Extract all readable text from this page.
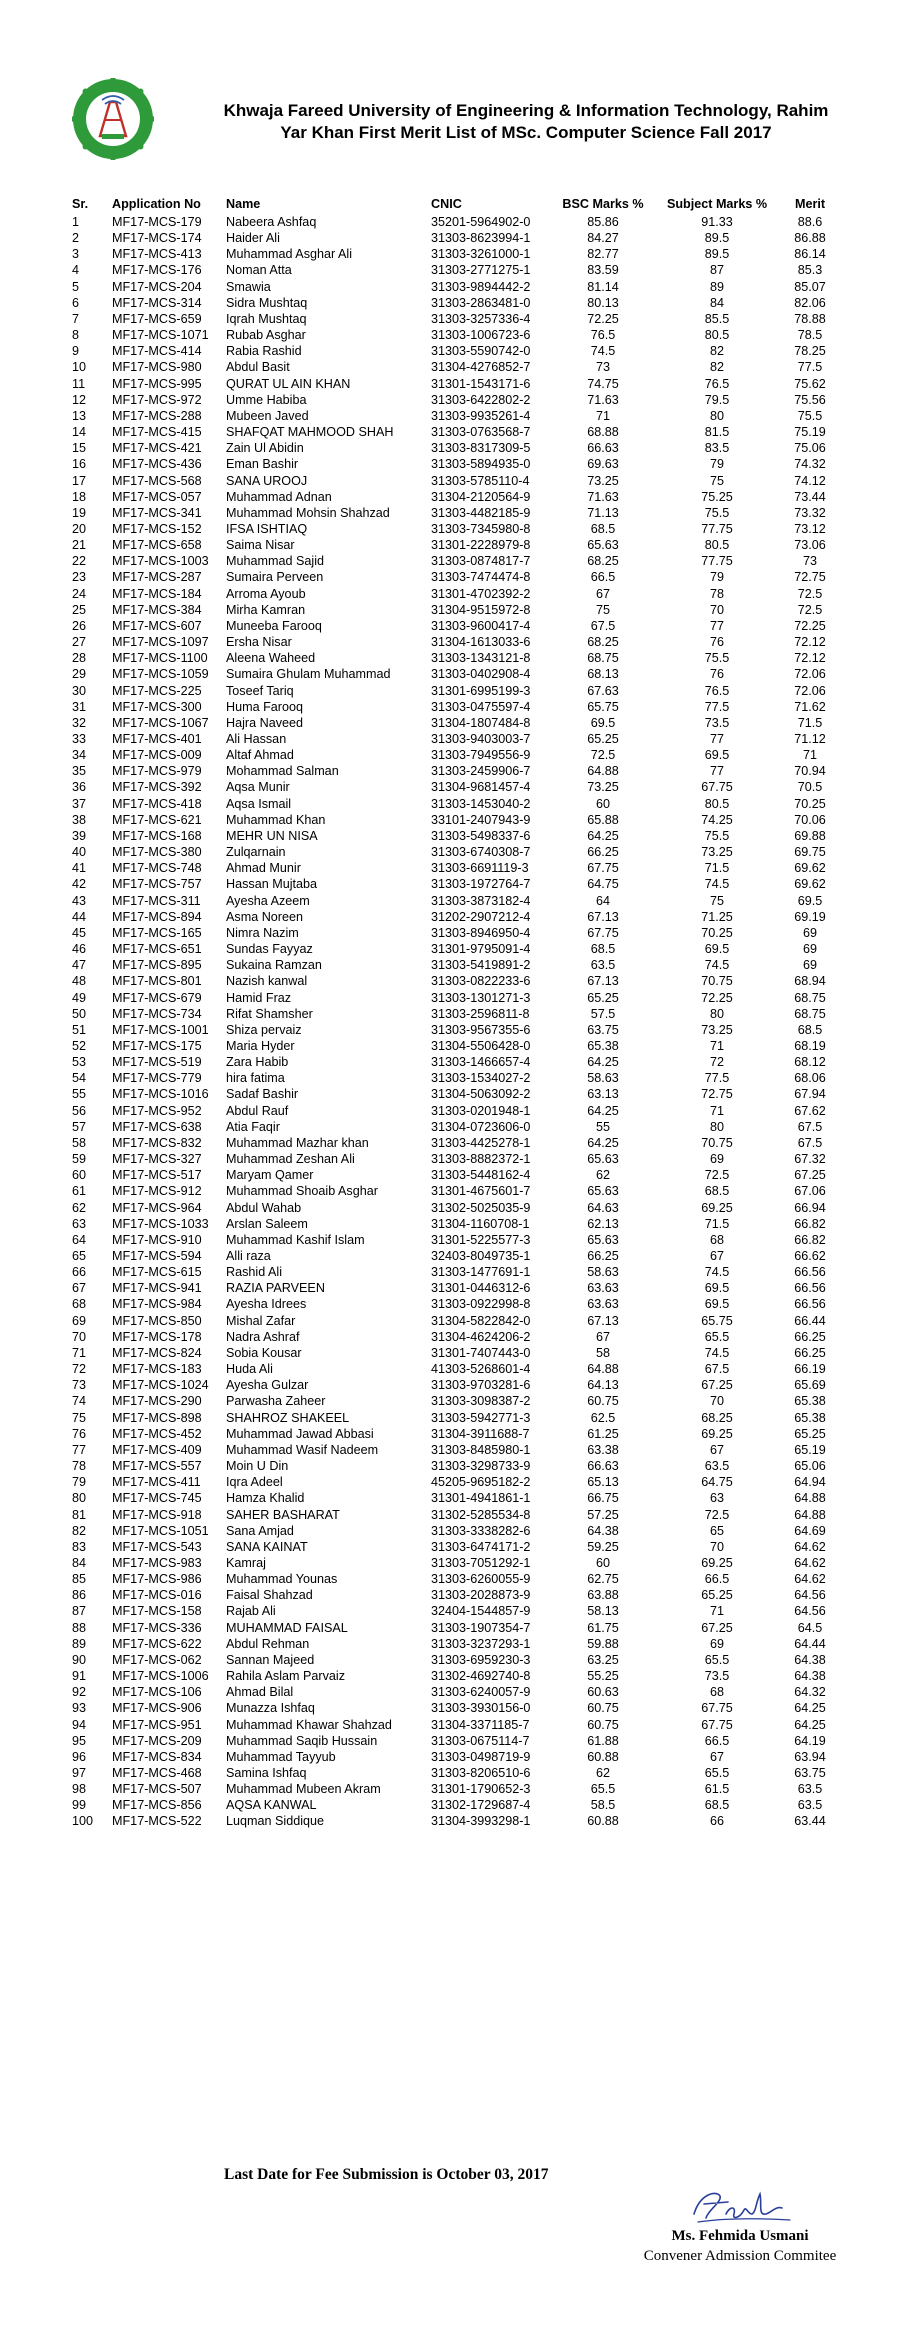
Khwaja Fareed University of Engineering & Information Technology, Rahim
Yar Khan First Merit List of MSc. Computer Science Fall 2017
Sr. Application No Name	CNIC	BSC Marks %	Subject Marks %	Merit
1	MF17-MCS-179 Nabeera Ashfaq	35201-5964902-0	85.86	91.33	88.6
2	MF17-MCS-174 Haider Ali	31303-8623994-1	84.27	89.5	86.88
3	MF17-MCS-413 Muhammad Asghar Ali	31303-3261000-1	82.77	89.5	86.14
4	MF17-MCS-176 Noman Atta	31303-2771275-1	83.59	87	85.3
5	MF17-MCS-204 Smawia	31303-9894442-2	81.14	89	85.07
6	MF17-MCS-314 Sidra Mushtaq	31303-2863481-0	80.13	84	82.06
7	MF17-MCS-659 Iqrah Mushtaq	31303-3257336-4	72.25	85.5	78.88
8	MF17-MCS-1071 Rubab Asghar	31303-1006723-6	76.5	80.5	78.5
9	MF17-MCS-414 Rabia Rashid	31303-5590742-0	74.5	82	78.25
10 MF17-MCS-980 Abdul Basit	31304-4276852-7	73	82	77.5
11 MF17-MCS-995 QURAT UL AIN KHAN	31301-1543171-6	74.75	76.5	75.62
12 MF17-MCS-972 Umme Habiba	31303-6422802-2	71.63	79.5	75.56
13 MF17-MCS-288 Mubeen Javed	31303-9935261-4	71	80	75.5
14 MF17-MCS-415 SHAFQAT MAHMOOD SHAH	31303-0763568-7	68.88	81.5	75.19
15 MF17-MCS-421 Zain Ul Abidin	31303-8317309-5	66.63	83.5	75.06
16 MF17-MCS-436 Eman Bashir	31303-5894935-0	69.63	79	74.32
17 MF17-MCS-568 SANA UROOJ	31303-5785110-4	73.25	75	74.12
18 MF17-MCS-057 Muhammad Adnan	31304-2120564-9	71.63	75.25	73.44
19 MF17-MCS-341 Muhammad Mohsin Shahzad	31303-4482185-9	71.13	75.5	73.32
20 MF17-MCS-152 IFSA ISHTIAQ	31303-7345980-8	68.5	77.75	73.12
21 MF17-MCS-658 Saima Nisar	31301-2228979-8	65.63	80.5	73.06
22 MF17-MCS-1003 Muhammad Sajid	31303-0874817-7	68.25	77.75	73
23 MF17-MCS-287 Sumaira Perveen	31303-7474474-8	66.5	79	72.75
24 MF17-MCS-184 Arroma Ayoub	31301-4702392-2	67	78	72.5
25 MF17-MCS-384 Mirha Kamran	31304-9515972-8	75	70	72.5
26 MF17-MCS-607 Muneeba Farooq	31303-9600417-4	67.5	77	72.25
27 MF17-MCS-1097 Ersha Nisar	31304-1613033-6	68.25	76	72.12
28 MF17-MCS-1100 Aleena Waheed	31303-1343121-8	68.75	75.5	72.12
29 MF17-MCS-1059 Sumaira Ghulam Muhammad	31303-0402908-4	68.13	76	72.06
30 MF17-MCS-225 Toseef Tariq	31301-6995199-3	67.63	76.5	72.06
31 MF17-MCS-300 Huma Farooq	31303-0475597-4	65.75	77.5	71.62
32 MF17-MCS-1067 Hajra Naveed	31304-1807484-8	69.5	73.5	71.5
33 MF17-MCS-401 Ali Hassan	31303-9403003-7	65.25	77	71.12
34 MF17-MCS-009 Altaf Ahmad	31303-7949556-9	72.5	69.5	71
35 MF17-MCS-979 Mohammad Salman	31303-2459906-7	64.88	77	70.94
36 MF17-MCS-392 Aqsa Munir	31304-9681457-4	73.25	67.75	70.5
37 MF17-MCS-418 Aqsa Ismail	31303-1453040-2	60	80.5	70.25
38 MF17-MCS-621 Muhammad Khan	33101-2407943-9	65.88	74.25	70.06
39 MF17-MCS-168 MEHR UN NISA	31303-5498337-6	64.25	75.5	69.88
40 MF17-MCS-380 Zulqarnain	31303-6740308-7	66.25	73.25	69.75
41 MF17-MCS-748 Ahmad Munir	31303-6691119-3	67.75	71.5	69.62
42 MF17-MCS-757 Hassan Mujtaba	31303-1972764-7	64.75	74.5	69.62
43 MF17-MCS-311 Ayesha Azeem	31303-3873182-4	64	75	69.5
44 MF17-MCS-894 Asma Noreen	31202-2907212-4	67.13	71.25	69.19
45 MF17-MCS-165 Nimra Nazim	31303-8946950-4	67.75	70.25	69
46 MF17-MCS-651 Sundas Fayyaz	31301-9795091-4	68.5	69.5	69
47 MF17-MCS-895 Sukaina Ramzan	31303-5419891-2	63.5	74.5	69
48 MF17-MCS-801 Nazish kanwal	31303-0822233-6	67.13	70.75	68.94
49 MF17-MCS-679 Hamid Fraz	31303-1301271-3	65.25	72.25	68.75
50 MF17-MCS-734 Rifat Shamsher	31303-2596811-8	57.5	80	68.75
51 MF17-MCS-1001 Shiza pervaiz	31303-9567355-6	63.75	73.25	68.5
52 MF17-MCS-175 Maria Hyder	31304-5506428-0	65.38	71	68.19
53 MF17-MCS-519 Zara Habib	31303-1466657-4	64.25	72	68.12
54 MF17-MCS-779 hira fatima	31303-1534027-2	58.63	77.5	68.06
55 MF17-MCS-1016 Sadaf Bashir	31304-5063092-2	63.13	72.75	67.94
56 MF17-MCS-952 Abdul Rauf	31303-0201948-1	64.25	71	67.62
57 MF17-MCS-638 Atia Faqir	31304-0723606-0	55	80	67.5
58 MF17-MCS-832 Muhammad Mazhar khan	31303-4425278-1	64.25	70.75	67.5
59 MF17-MCS-327 Muhammad Zeshan Ali	31303-8882372-1	65.63	69	67.32
60 MF17-MCS-517 Maryam Qamer	31303-5448162-4	62	72.5	67.25
61 MF17-MCS-912 Muhammad Shoaib Asghar	31301-4675601-7	65.63	68.5	67.06
62 MF17-MCS-964 Abdul Wahab	31302-5025035-9	64.63	69.25	66.94
63 MF17-MCS-1033 Arslan Saleem	31304-1160708-1	62.13	71.5	66.82
64 MF17-MCS-910 Muhammad Kashif Islam	31301-5225577-3	65.63	68	66.82
65 MF17-MCS-594 Alli raza	32403-8049735-1	66.25	67	66.62
66 MF17-MCS-615 Rashid Ali	31303-1477691-1	58.63	74.5	66.56
67 MF17-MCS-941 RAZIA PARVEEN	31301-0446312-6	63.63	69.5	66.56
68 MF17-MCS-984 Ayesha Idrees	31303-0922998-8	63.63	69.5	66.56
69 MF17-MCS-850 Mishal Zafar	31304-5822842-0	67.13	65.75	66.44
70 MF17-MCS-178 Nadra Ashraf	31304-4624206-2	67	65.5	66.25
71 MF17-MCS-824 Sobia Kousar	31301-7407443-0	58	74.5	66.25
72 MF17-MCS-183 Huda Ali	41303-5268601-4	64.88	67.5	66.19
73 MF17-MCS-1024 Ayesha Gulzar	31303-9703281-6	64.13	67.25	65.69
74 MF17-MCS-290 Parwasha Zaheer	31303-3098387-2	60.75	70	65.38
75 MF17-MCS-898 SHAHROZ SHAKEEL	31303-5942771-3	62.5	68.25	65.38
76 MF17-MCS-452 Muhammad Jawad Abbasi	31304-3911688-7	61.25	69.25	65.25
77 MF17-MCS-409 Muhammad Wasif Nadeem	31303-8485980-1	63.38	67	65.19
78 MF17-MCS-557 Moin U Din	31303-3298733-9	66.63	63.5	65.06
79 MF17-MCS-411 Iqra Adeel	45205-9695182-2	65.13	64.75	64.94
80 MF17-MCS-745 Hamza Khalid	31301-4941861-1	66.75	63	64.88
81 MF17-MCS-918 SAHER BASHARAT	31302-5285534-8	57.25	72.5	64.88
82 MF17-MCS-1051 Sana Amjad	31303-3338282-6	64.38	65	64.69
83 MF17-MCS-543 SANA KAINAT	31303-6474171-2	59.25	70	64.62
84 MF17-MCS-983 Kamraj	31303-7051292-1	60	69.25	64.62
85 MF17-MCS-986 Muhammad Younas	31303-6260055-9	62.75	66.5	64.62
86 MF17-MCS-016 Faisal Shahzad	31303-2028873-9	63.88	65.25	64.56
87 MF17-MCS-158 Rajab Ali	32404-1544857-9	58.13	71	64.56
88 MF17-MCS-336 MUHAMMAD FAISAL	31303-1907354-7	61.75	67.25	64.5
89 MF17-MCS-622 Abdul Rehman	31303-3237293-1	59.88	69	64.44
90 MF17-MCS-062 Sannan Majeed	31303-6959230-3	63.25	65.5	64.38
91 MF17-MCS-1006 Rahila Aslam Parvaiz	31302-4692740-8	55.25	73.5	64.38
92 MF17-MCS-106 Ahmad Bilal	31303-6240057-9	60.63	68	64.32
93 MF17-MCS-906 Munazza Ishfaq	31303-3930156-0	60.75	67.75	64.25
94 MF17-MCS-951 Muhammad Khawar Shahzad	31304-3371185-7	60.75	67.75	64.25
95 MF17-MCS-209 Muhammad Saqib Hussain	31303-0675114-7	61.88	66.5	64.19
96 MF17-MCS-834 Muhammad Tayyub	31303-0498719-9	60.88	67	63.94
97 MF17-MCS-468 Samina Ishfaq	31303-8206510-6	62	65.5	63.75
98 MF17-MCS-507 Muhammad Mubeen Akram	31301-1790652-3	65.5	61.5	63.5
99 MF17-MCS-856 AQSA KANWAL	31302-1729687-4	58.5	68.5	63.5
100 MF17-MCS-522 Luqman Siddique	31304-3993298-1	60.88	66	63.44
Last Date for Fee Submission is October 03, 2017
Ms. Fehmida Usmani
Convener Admission Commitee
